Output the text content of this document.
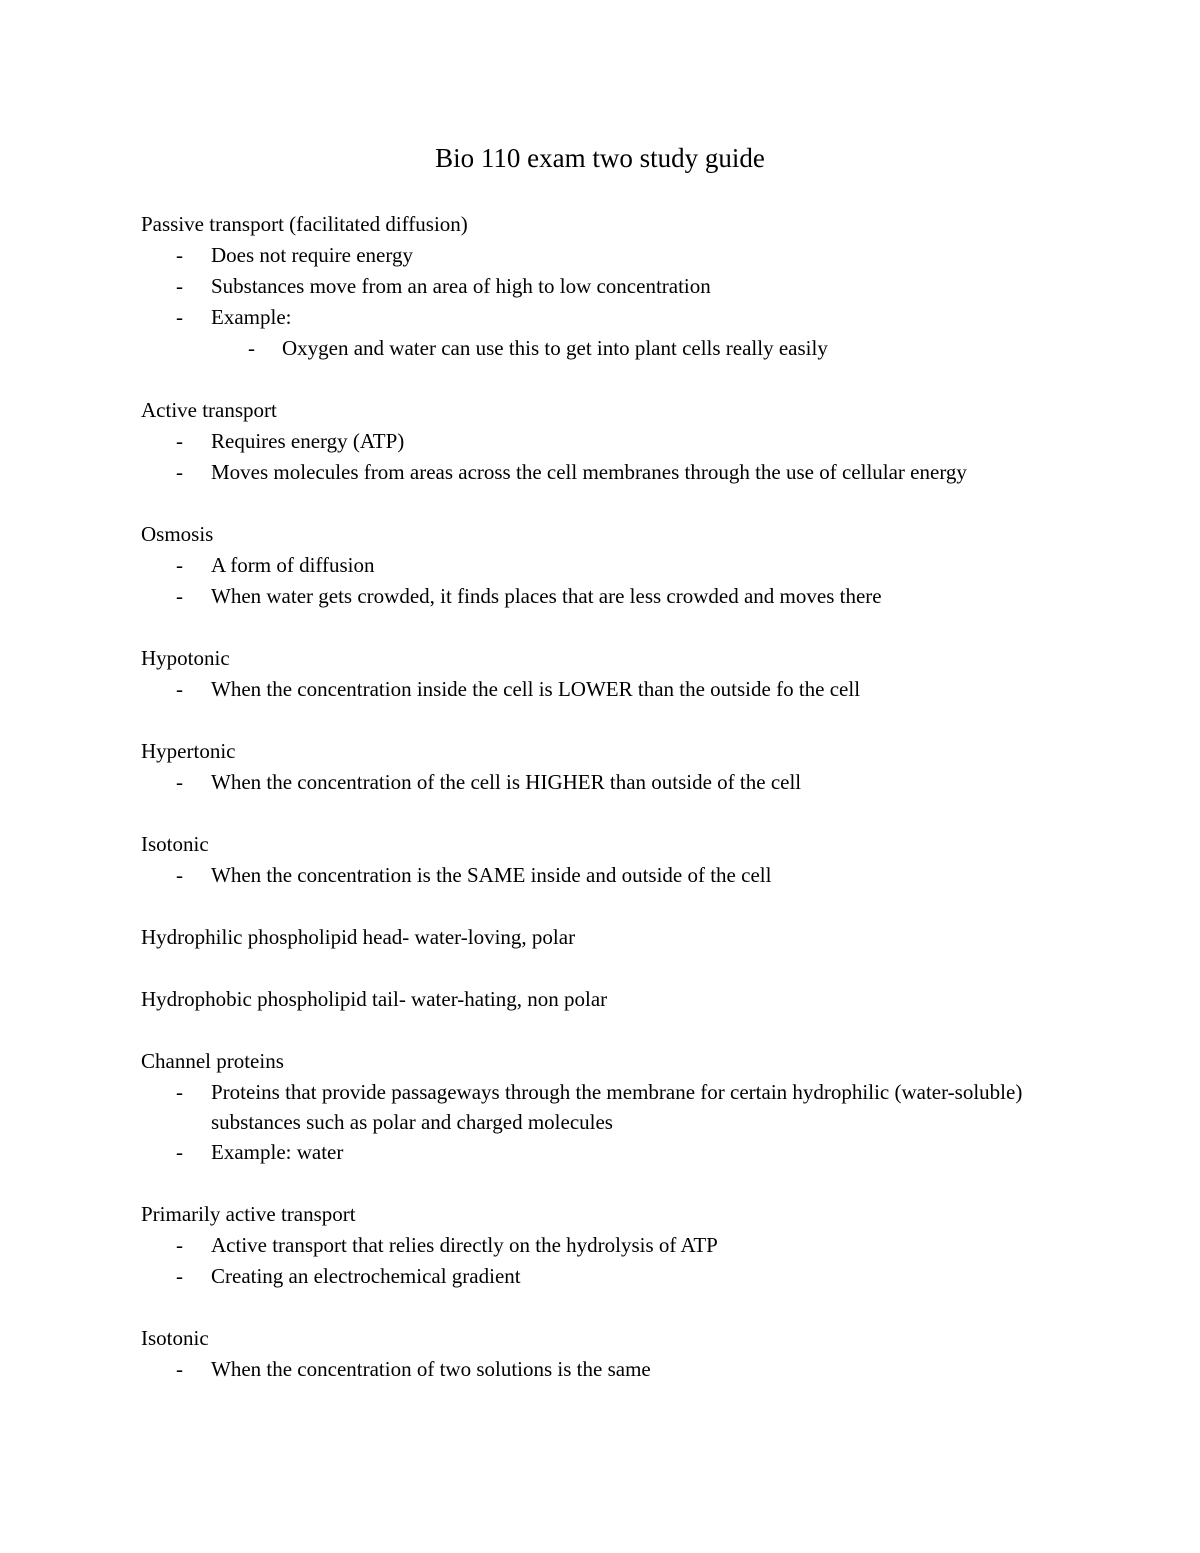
Bio 110 exam two study guide
Passive transport (facilitated diffusion)
- Does not require energy
- Substances move from an area of high to low concentration
- Example:
- Oxygen and water can use this to get into plant cells really easily
Active transport
- Requires energy (ATP)
- Moves molecules from areas across the cell membranes through the use of cellular energy
Osmosis
- A form of diffusion
- When water gets crowded, it finds places that are less crowded and moves there
Hypotonic
- When the concentration inside the cell is LOWER than the outside fo the cell
Hypertonic
- When the concentration of the cell is HIGHER than outside of the cell
Isotonic
- When the concentration is the SAME inside and outside of the cell
Hydrophilic phospholipid head- water-loving, polar
Hydrophobic phospholipid tail- water-hating, non polar
Channel proteins
- Proteins that provide passageways through the membrane for certain hydrophilic (water-soluble) substances such as polar and charged molecules
- Example: water
Primarily active transport
- Active transport that relies directly on the hydrolysis of ATP
- Creating an electrochemical gradient
Isotonic
- When the concentration of two solutions is the same
